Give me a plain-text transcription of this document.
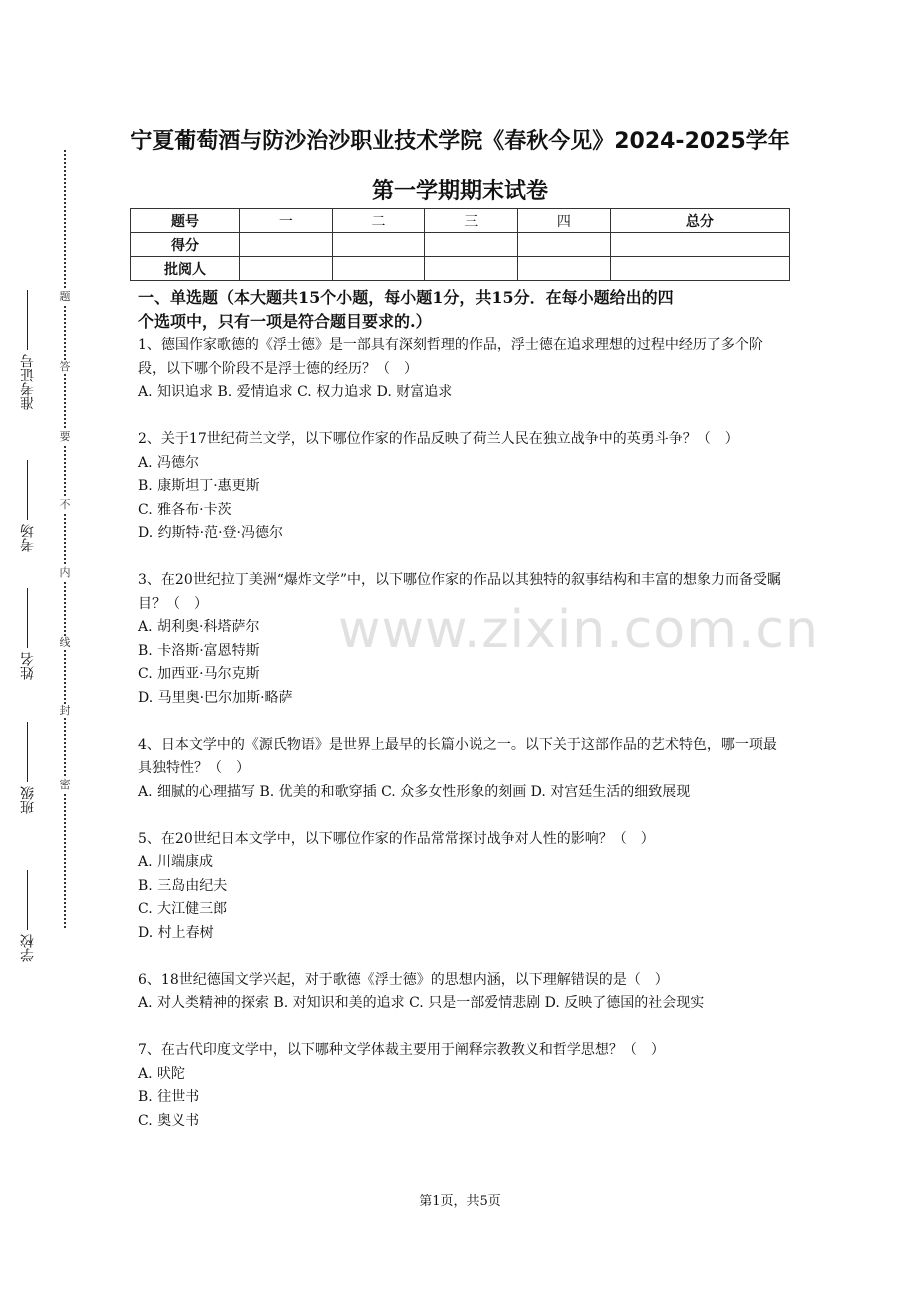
准考证号
考场
姓名
班级
学校
密
封
线
内
不
要
答
题
宁夏葡萄酒与防沙治沙职业技术学院《春秋今见》2024-2025学年
第一学期期末试卷
题号	一	二	三	四	总分
得分					
批阅人					
一、单选题（本大题共15个小题，每小题1分，共15分．在每小题给出的四
个选项中，只有一项是符合题目要求的.）
1、德国作家歌德的《浮士德》是一部具有深刻哲理的作品，浮士德在追求理想的过程中经历了多个阶段，以下哪个阶段不是浮士德的经历？（　）
A. 知识追求 B. 爱情追求 C. 权力追求 D. 财富追求
2、关于17世纪荷兰文学，以下哪位作家的作品反映了荷兰人民在独立战争中的英勇斗争？（　）
A. 冯德尔
B. 康斯坦丁·惠更斯
C. 雅各布·卡茨
D. 约斯特·范·登·冯德尔
3、在20世纪拉丁美洲“爆炸文学”中，以下哪位作家的作品以其独特的叙事结构和丰富的想象力而备受瞩目？（　）
A. 胡利奥·科塔萨尔
B. 卡洛斯·富恩特斯
C. 加西亚·马尔克斯
D. 马里奥·巴尔加斯·略萨
4、日本文学中的《源氏物语》是世界上最早的长篇小说之一。以下关于这部作品的艺术特色，哪一项最具独特性？（　）
A. 细腻的心理描写 B. 优美的和歌穿插 C. 众多女性形象的刻画 D. 对宫廷生活的细致展现
5、在20世纪日本文学中，以下哪位作家的作品常常探讨战争对人性的影响？（　）
A. 川端康成
B. 三岛由纪夫
C. 大江健三郎
D. 村上春树
6、18世纪德国文学兴起，对于歌德《浮士德》的思想内涵，以下理解错误的是（　）
A. 对人类精神的探索 B. 对知识和美的追求 C. 只是一部爱情悲剧 D. 反映了德国的社会现实
7、在古代印度文学中，以下哪种文学体裁主要用于阐释宗教教义和哲学思想？（　）
A. 吠陀
B. 往世书
C. 奥义书
www.zixin.com.cn
第1页，共5页
